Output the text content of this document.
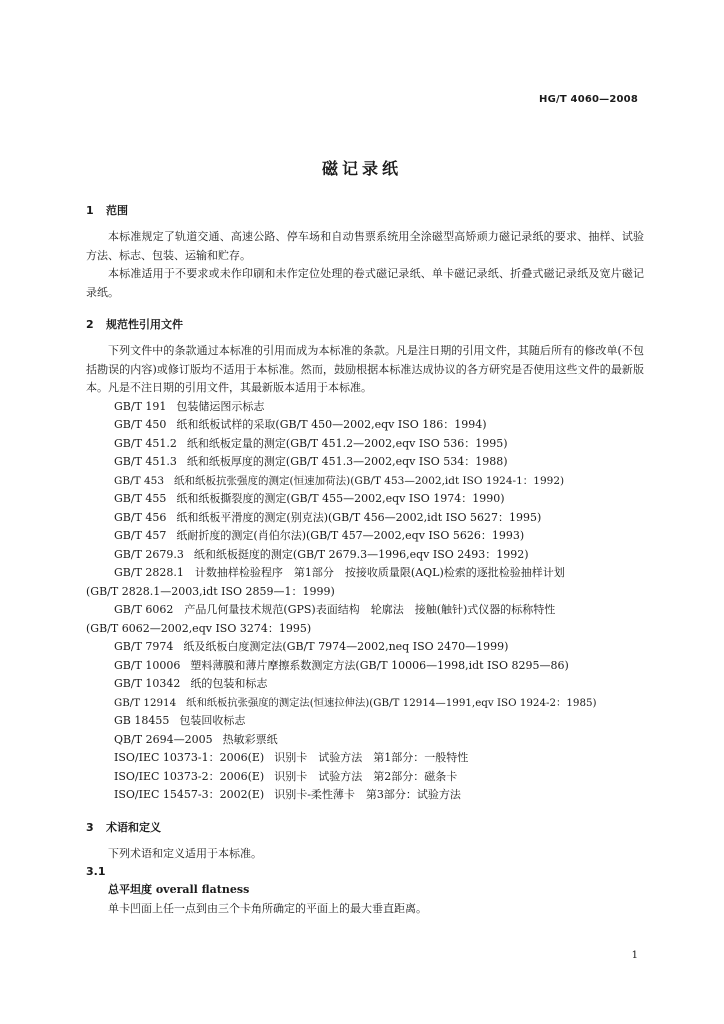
HG/T 4060—2008
磁记录纸
1 范围

本标准规定了轨道交通、高速公路、停车场和自动售票系统用全涂磁型高矫顽力磁记录纸的要求、抽样、试验方法、标志、包装、运输和贮存。

本标准适用于不要求或未作印刷和未作定位处理的卷式磁记录纸、单卡磁记录纸、折叠式磁记录纸及宽片磁记录纸。

2 规范性引用文件

下列文件中的条款通过本标准的引用而成为本标准的条款。凡是注日期的引用文件，其随后所有的修改单(不包括勘误的内容)或修订版均不适用于本标准。然而，鼓励根据本标准达成协议的各方研究是否使用这些文件的最新版本。凡是不注日期的引用文件，其最新版本适用于本标准。

GB/T 191 包装储运图示标志
GB/T 450 纸和纸板试样的采取(GB/T 450—2002,eqv ISO 186：1994)
GB/T 451.2 纸和纸板定量的测定(GB/T 451.2—2002,eqv ISO 536：1995)
GB/T 451.3 纸和纸板厚度的测定(GB/T 451.3—2002,eqv ISO 534：1988)
GB/T 453 纸和纸板抗张强度的测定(恒速加荷法)(GB/T 453—2002,idt ISO 1924-1：1992)
GB/T 455 纸和纸板撕裂度的测定(GB/T 455—2002,eqv ISO 1974：1990)
GB/T 456 纸和纸板平滑度的测定(别克法)(GB/T 456—2002,idt ISO 5627：1995)
GB/T 457 纸耐折度的测定(肖伯尔法)(GB/T 457—2002,eqv ISO 5626：1993)
GB/T 2679.3 纸和纸板挺度的测定(GB/T 2679.3—1996,eqv ISO 2493：1992)
GB/T 2828.1　计数抽样检验程序　第1部分　按接收质量限(AQL)检索的逐批检验抽样计划
(GB/T 2828.1—2003,idt ISO 2859—1：1999)
GB/T 6062　产品几何量技术规范(GPS)表面结构　轮廓法　接触(触针)式仪器的标称特性
(GB/T 6062—2002,eqv ISO 3274：1995)
GB/T 7974 纸及纸板白度测定法(GB/T 7974—2002,neq ISO 2470—1999)
GB/T 10006 塑料薄膜和薄片摩擦系数测定方法(GB/T 10006—1998,idt ISO 8295—86)
GB/T 10342 纸的包装和标志
GB/T 12914 纸和纸板抗张强度的测定法(恒速拉伸法)(GB/T 12914—1991,eqv ISO 1924-2：1985)
GB 18455 包装回收标志
QB/T 2694—2005 热敏彩票纸
ISO/IEC 10373-1：2006(E) 识别卡　试验方法　第1部分：一般特性
ISO/IEC 10373-2：2006(E) 识别卡　试验方法　第2部分：磁条卡
ISO/IEC 15457-3：2002(E) 识别卡-柔性薄卡　第3部分：试验方法
3 术语和定义

下列术语和定义适用于本标准。

3.1

总平坦度 overall flatness

单卡凹面上任一点到由三个卡角所确定的平面上的最大垂直距离。

1
